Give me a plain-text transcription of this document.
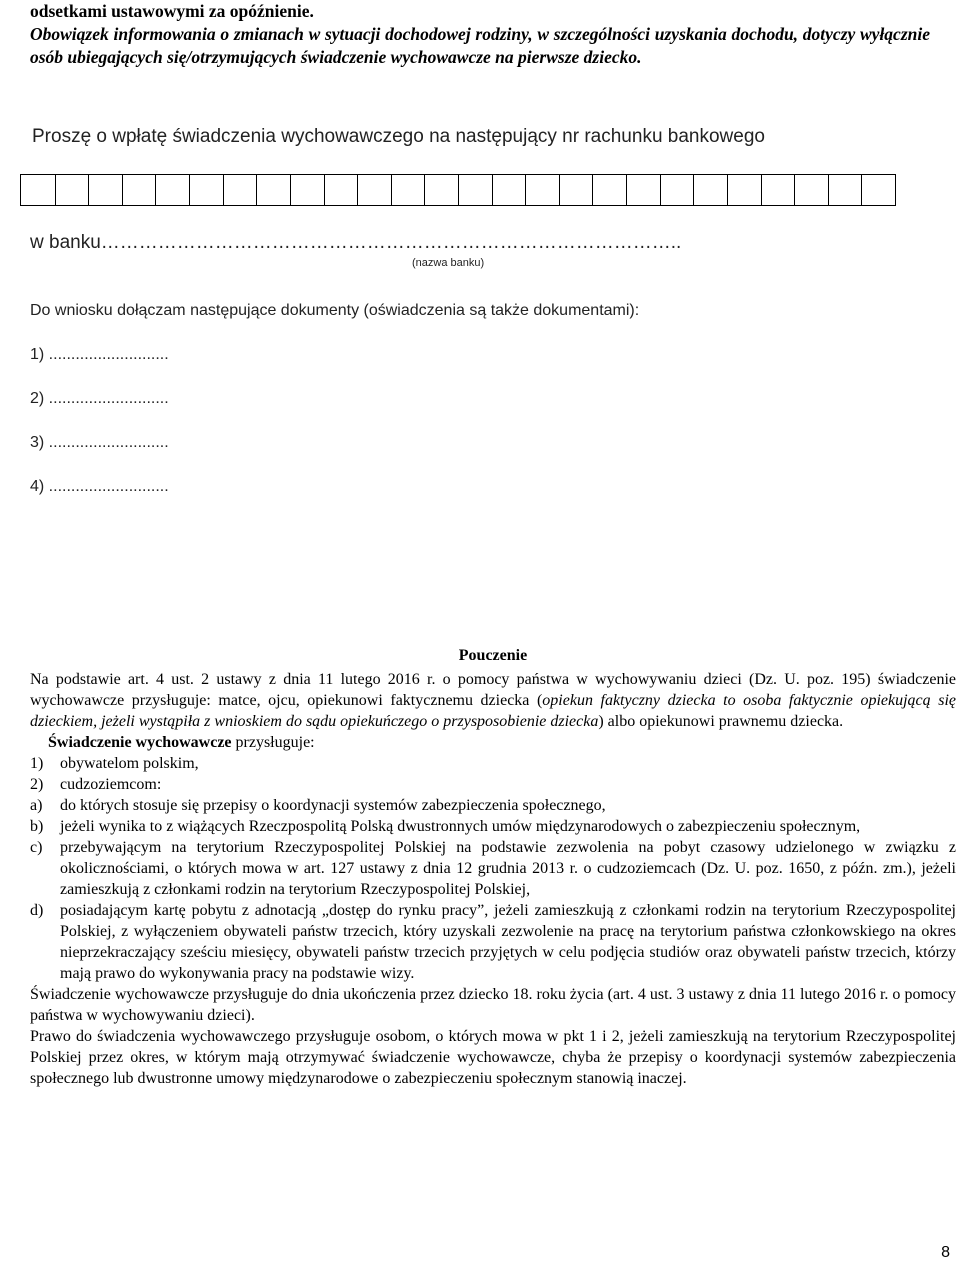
odsetkami ustawowymi za opóźnienie.

Obowiązek informowania o zmianach w sytuacji dochodowej rodziny, w szczególności uzyskania dochodu, dotyczy wyłącznie osób ubiegających się/otrzymujących świadczenie wychowawcze na pierwsze dziecko.

Proszę o wpłatę świadczenia wychowawczego na następujący nr rachunku bankowego

w banku………………………………………………………………………………..

(nazwa banku)

Do wniosku dołączam następujące dokumenty (oświadczenia są także dokumentami):

1) ...........................

2) ...........................

3) ...........................

4) ...........................

Pouczenie

Na podstawie art. 4 ust. 2 ustawy z dnia 11 lutego 2016 r. o pomocy państwa w wychowywaniu dzieci (Dz. U. poz. 195) świadczenie wychowawcze przysługuje: matce, ojcu, opiekunowi faktycznemu dziecka (opiekun faktyczny dziecka to osoba faktycznie opiekującą się dzieckiem, jeżeli wystąpiła z wnioskiem do sądu opiekuńczego o przysposobienie dziecka) albo opiekunowi prawnemu dziecka.

Świadczenie wychowawcze przysługuje:

1)	obywatelom polskim,
2)	cudzoziemcom:
a)	do których stosuje się przepisy o koordynacji systemów zabezpieczenia społecznego,
b)	jeżeli wynika to z wiążących Rzeczpospolitą Polską dwustronnych umów międzynarodowych o zabezpieczeniu społecznym,
c)	przebywającym na terytorium Rzeczypospolitej Polskiej na podstawie zezwolenia na pobyt czasowy udzielonego w związku z okolicznościami, o których mowa w art. 127 ustawy z dnia 12 grudnia 2013 r. o cudzoziemcach (Dz. U. poz. 1650, z późn. zm.), jeżeli zamieszkują z członkami rodzin na terytorium Rzeczypospolitej Polskiej,
d)	posiadającym kartę pobytu z adnotacją „dostęp do rynku pracy”, jeżeli zamieszkują z członkami rodzin na terytorium Rzeczypospolitej Polskiej, z wyłączeniem obywateli państw trzecich, który uzyskali zezwolenie na pracę na terytorium państwa członkowskiego na okres nieprzekraczający sześciu miesięcy, obywateli państw trzecich przyjętych w celu podjęcia studiów oraz obywateli państw trzecich, którzy mają prawo do wykonywania pracy na podstawie wizy.

Świadczenie wychowawcze przysługuje do dnia ukończenia przez dziecko 18. roku życia (art. 4 ust. 3 ustawy z dnia 11 lutego 2016 r. o pomocy państwa w wychowywaniu dzieci).

Prawo do świadczenia wychowawczego przysługuje osobom, o których mowa w pkt 1 i 2, jeżeli zamieszkują na terytorium Rzeczypospolitej Polskiej przez okres, w którym mają otrzymywać świadczenie wychowawcze, chyba że przepisy o koordynacji systemów zabezpieczenia społecznego lub dwustronne umowy międzynarodowe o zabezpieczeniu społecznym stanowią inaczej.

8
